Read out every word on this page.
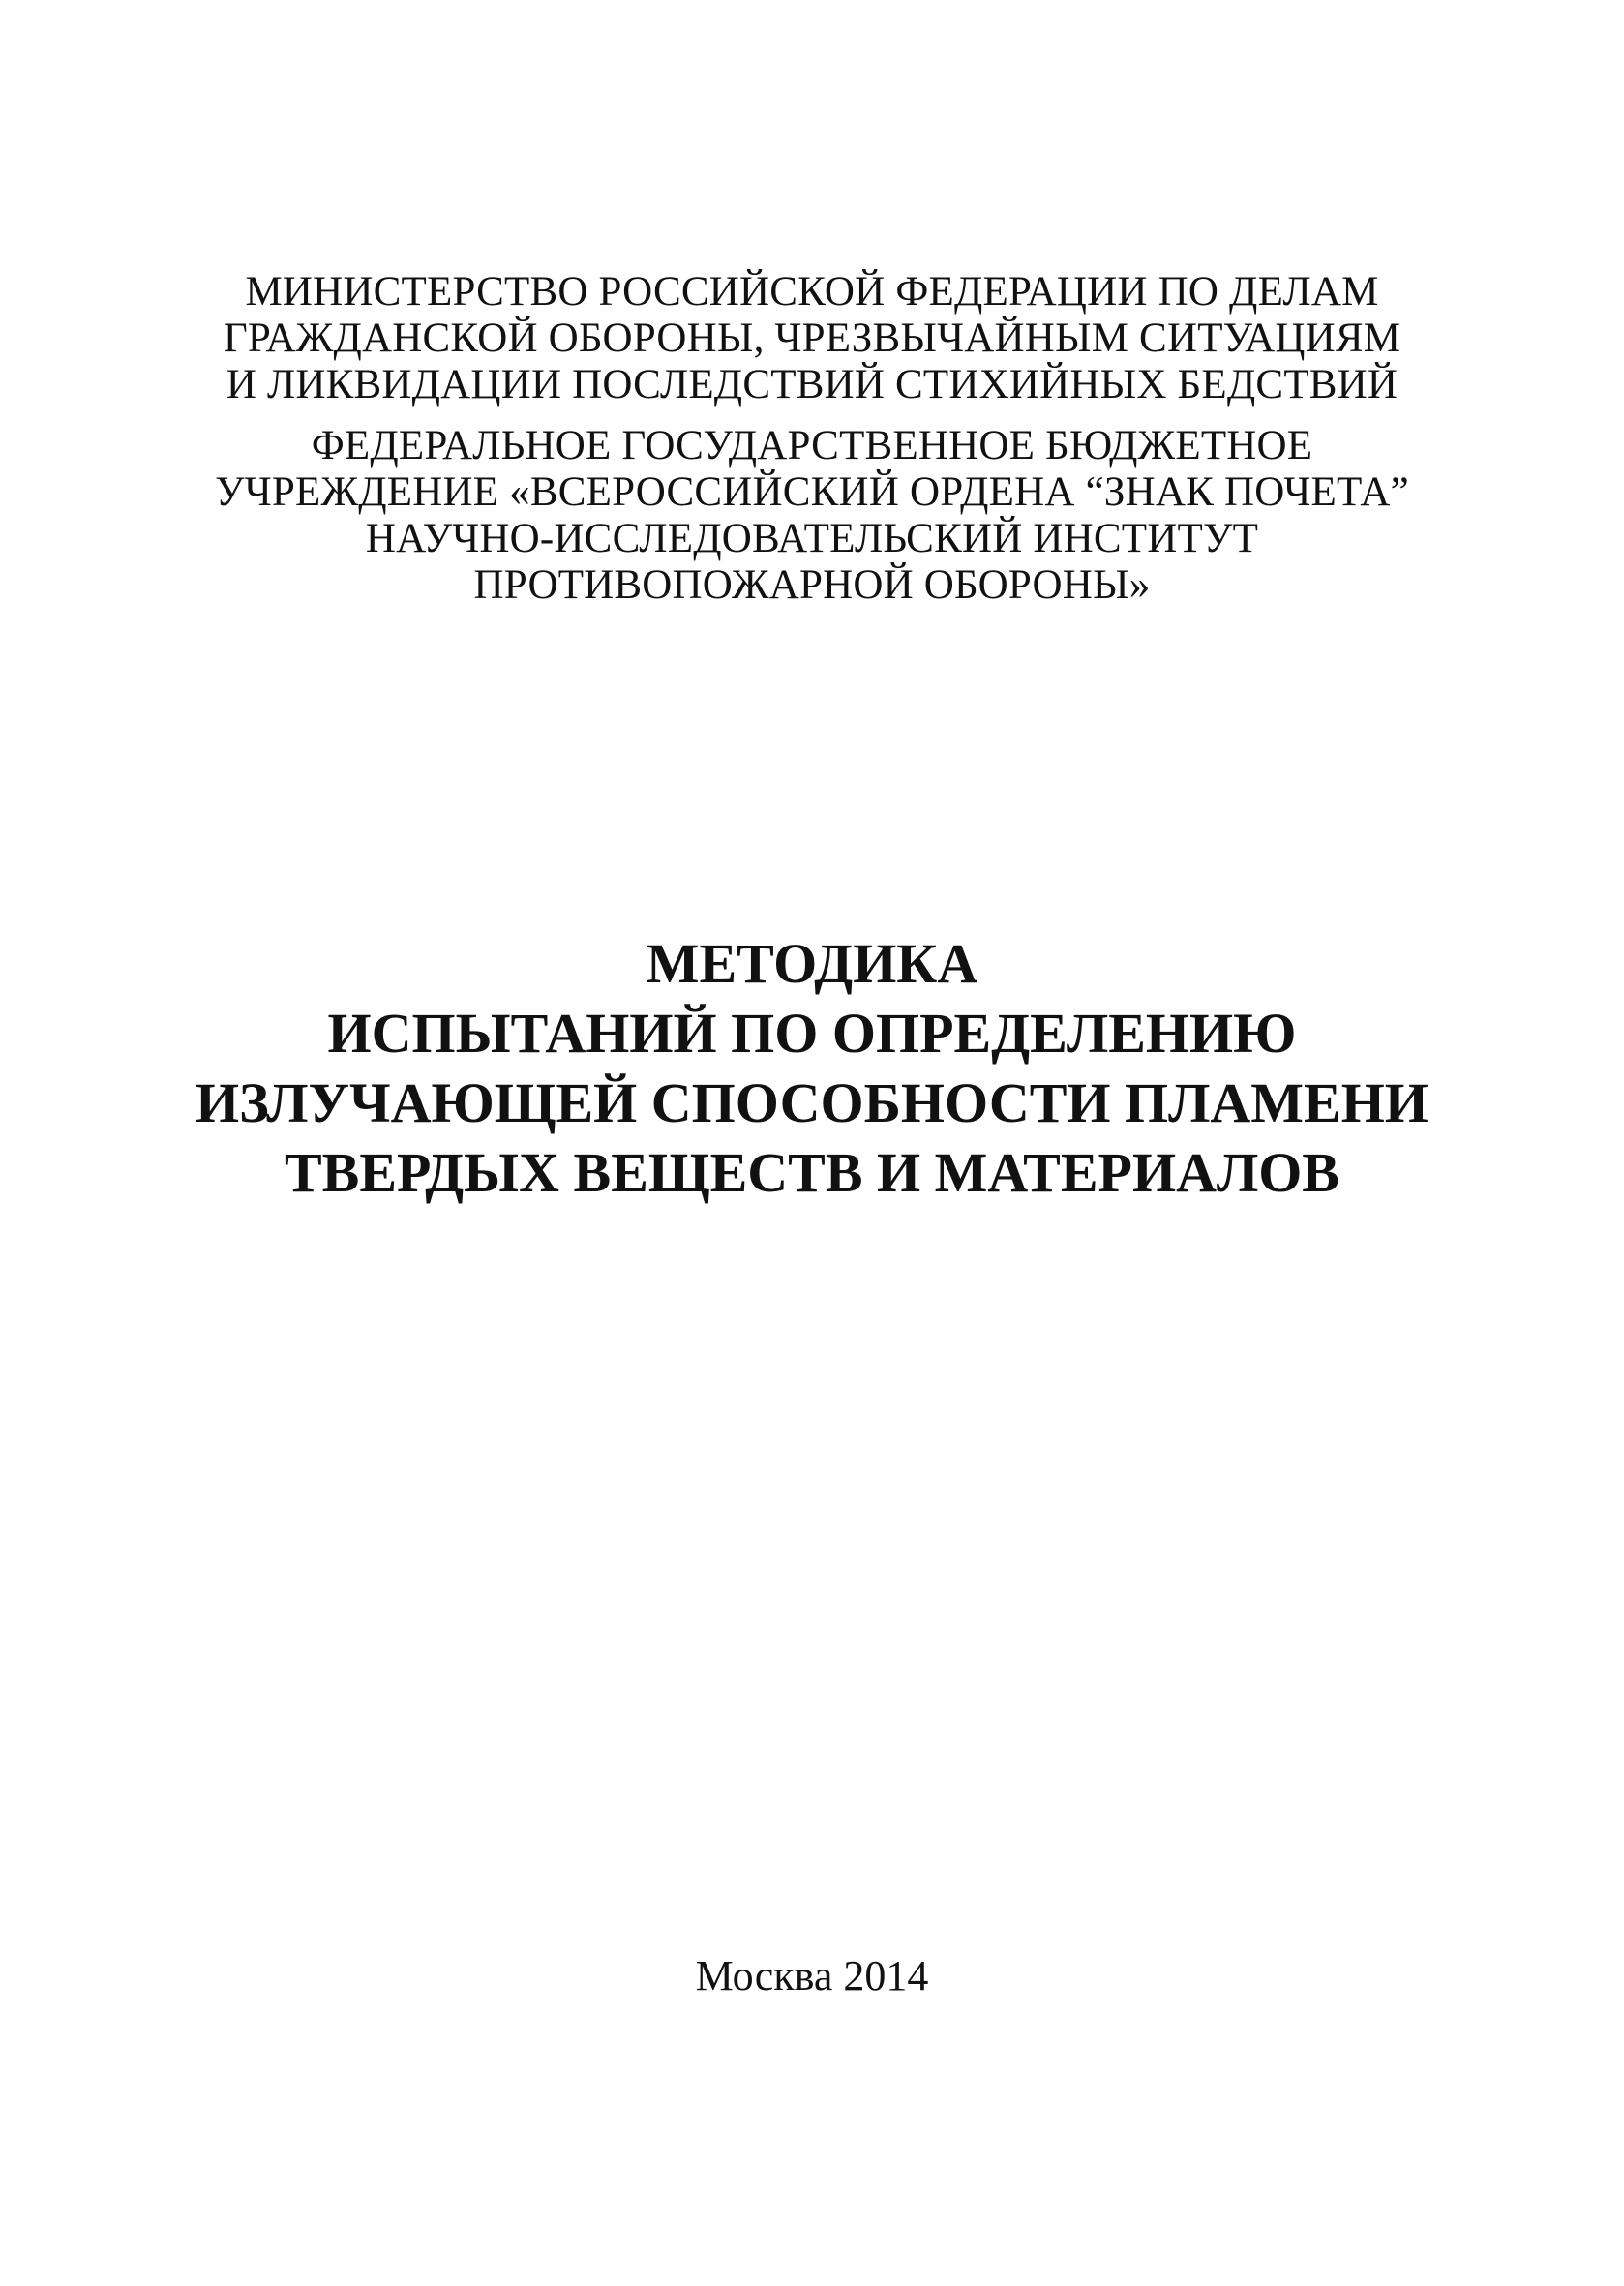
МИНИСТЕРСТВО РОССИЙСКОЙ ФЕДЕРАЦИИ ПО ДЕЛАМ
ГРАЖДАНСКОЙ ОБОРОНЫ, ЧРЕЗВЫЧАЙНЫМ СИТУАЦИЯМ
И ЛИКВИДАЦИИ ПОСЛЕДСТВИЙ СТИХИЙНЫХ БЕДСТВИЙ
ФЕДЕРАЛЬНОЕ ГОСУДАРСТВЕННОЕ БЮДЖЕТНОЕ
УЧРЕЖДЕНИЕ «ВСЕРОССИЙСКИЙ ОРДЕНА “ЗНАК ПОЧЕТА”
НАУЧНО-ИССЛЕДОВАТЕЛЬСКИЙ ИНСТИТУТ
ПРОТИВОПОЖАРНОЙ ОБОРОНЫ»
МЕТОДИКА
ИСПЫТАНИЙ ПО ОПРЕДЕЛЕНИЮ
ИЗЛУЧАЮЩЕЙ СПОСОБНОСТИ ПЛАМЕНИ
ТВЕРДЫХ ВЕЩЕСТВ И МАТЕРИАЛОВ
Москва 2014
